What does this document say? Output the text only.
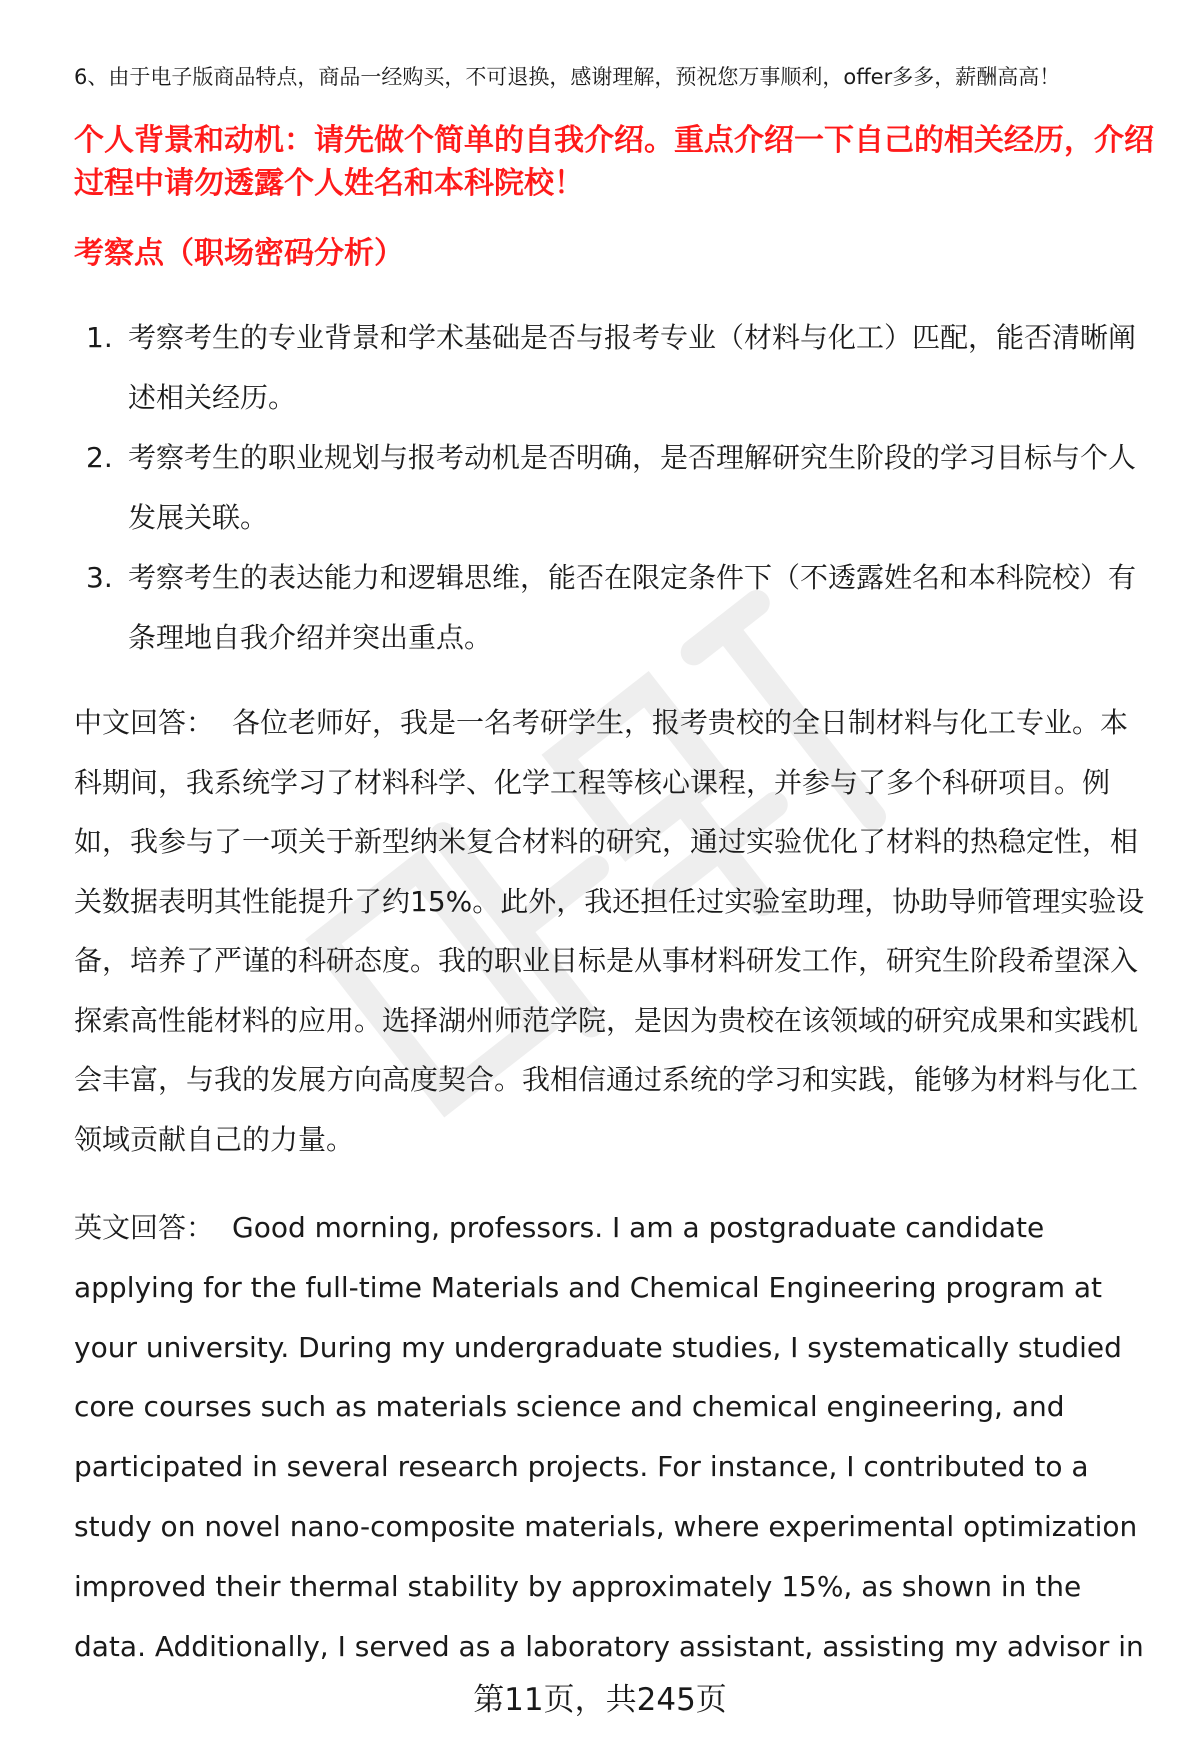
6、由于电子版商品特点，商品一经购买，不可退换，感谢理解，预祝您万事顺利，offer多多，薪酬高高！
个人背景和动机：请先做个简单的自我介绍。重点介绍一下自己的相关经历，介绍过程中请勿透露个人姓名和本科院校！
考察点（职场密码分析）
1. 考察考生的专业背景和学术基础是否与报考专业（材料与化工）匹配，能否清晰阐述相关经历。
2. 考察考生的职业规划与报考动机是否明确，是否理解研究生阶段的学习目标与个人发展关联。
3. 考察考生的表达能力和逻辑思维，能否在限定条件下（不透露姓名和本科院校）有条理地自我介绍并突出重点。

中文回答： 各位老师好，我是一名考研学生，报考贵校的全日制材料与化工专业。本科期间，我系统学习了材料科学、化学工程等核心课程，并参与了多个科研项目。例如，我参与了一项关于新型纳米复合材料的研究，通过实验优化了材料的热稳定性，相关数据表明其性能提升了约15%。此外，我还担任过实验室助理，协助导师管理实验设备，培养了严谨的科研态度。我的职业目标是从事材料研发工作，研究生阶段希望深入探索高性能材料的应用。选择湖州师范学院，是因为贵校在该领域的研究成果和实践机会丰富，与我的发展方向高度契合。我相信通过系统的学习和实践，能够为材料与化工领域贡献自己的力量。

英文回答： Good morning, professors. I am a postgraduate candidate applying for the full-time Materials and Chemical Engineering program at your university. During my undergraduate studies, I systematically studied core courses such as materials science and chemical engineering, and participated in several research projects. For instance, I contributed to a study on novel nano-composite materials, where experimental optimization improved their thermal stability by approximately 15%, as shown in the data. Additionally, I served as a laboratory assistant, assisting my advisor in

第11页，共245页
